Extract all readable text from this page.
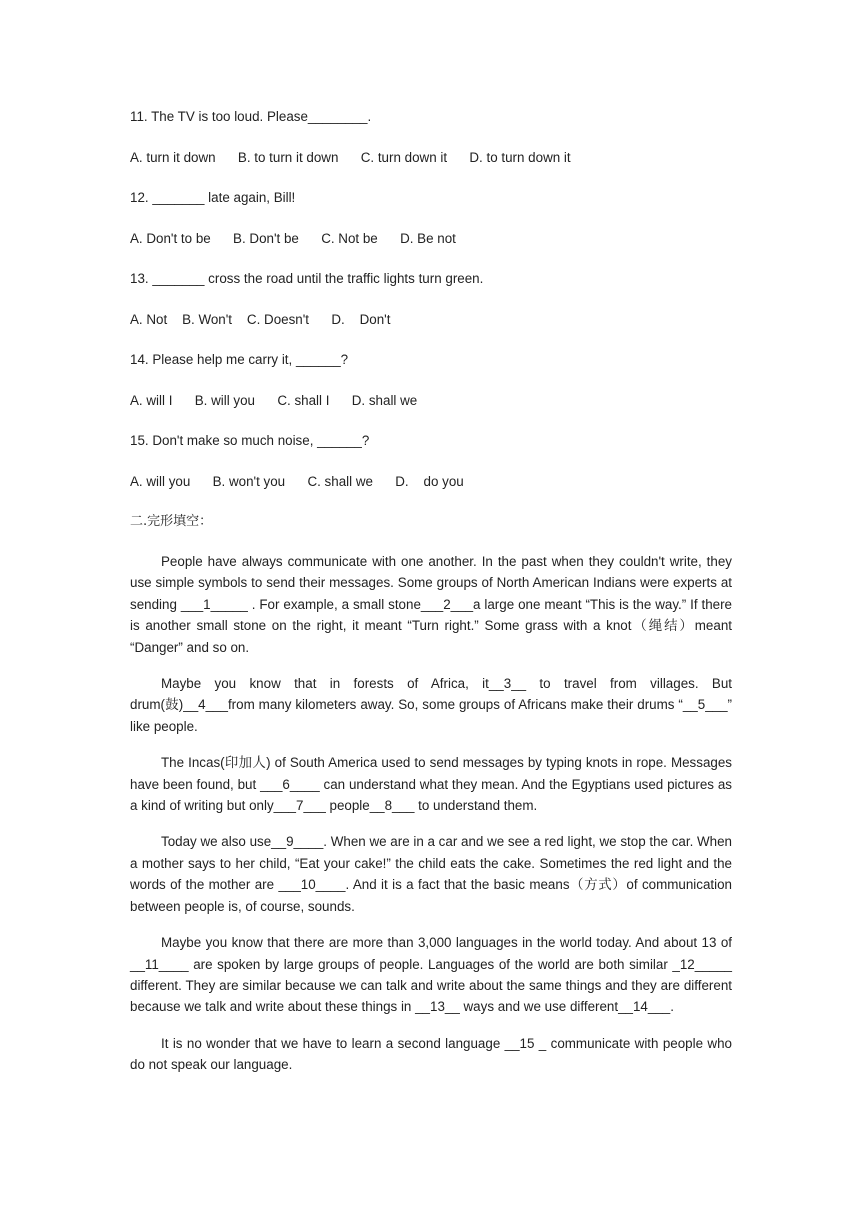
11. The TV is too loud. Please________.

A. turn it down      B. to turn it down      C. turn down it      D. to turn down it

12. _______ late again, Bill!

A. Don't to be      B. Don't be      C. Not be      D. Be not

13. _______ cross the road until the traffic lights turn green.

A. Not    B. Won't    C. Doesn't      D.    Don't

14. Please help me carry it, ______?

A. will I      B. will you      C. shall I      D. shall we

15. Don't make so much noise, ______?

A. will you      B. won't you      C. shall we      D.    do you

二.完形填空：

People have always communicate with one another. In the past when they couldn't write, they use simple symbols to send their messages. Some groups of North American Indians were experts at sending ___1_____ . For example, a small stone___2___a large one meant “This is the way.” If there is another small stone on the right, it meant “Turn right.” Some grass with a knot（绳结）meant “Danger” and so on.

Maybe you know that in forests of Africa, it__3__ to travel from villages. But drum(鼓)__4___from many kilometers away. So, some groups of Africans make their drums “__5___” like people.

The Incas(印加人) of South America used to send messages by typing knots in rope. Messages have been found, but ___6____ can understand what they mean. And the Egyptians used pictures as a kind of writing but only___7___ people__8___ to understand them.

Today we also use__9____. When we are in a car and we see a red light, we stop the car. When a mother says to her child, “Eat your cake!” the child eats the cake. Sometimes the red light and the words of the mother are ___10____. And it is a fact that the basic means（方式）of communication between people is, of course, sounds.

Maybe you know that there are more than 3,000 languages in the world today. And about 13 of __11____ are spoken by large groups of people. Languages of the world are both similar _12_____ different. They are similar because we can talk and write about the same things and they are different because we talk and write about these things in __13__ ways and we use different__14___.

It is no wonder that we have to learn a second language __15 _ communicate with people who do not speak our language.
